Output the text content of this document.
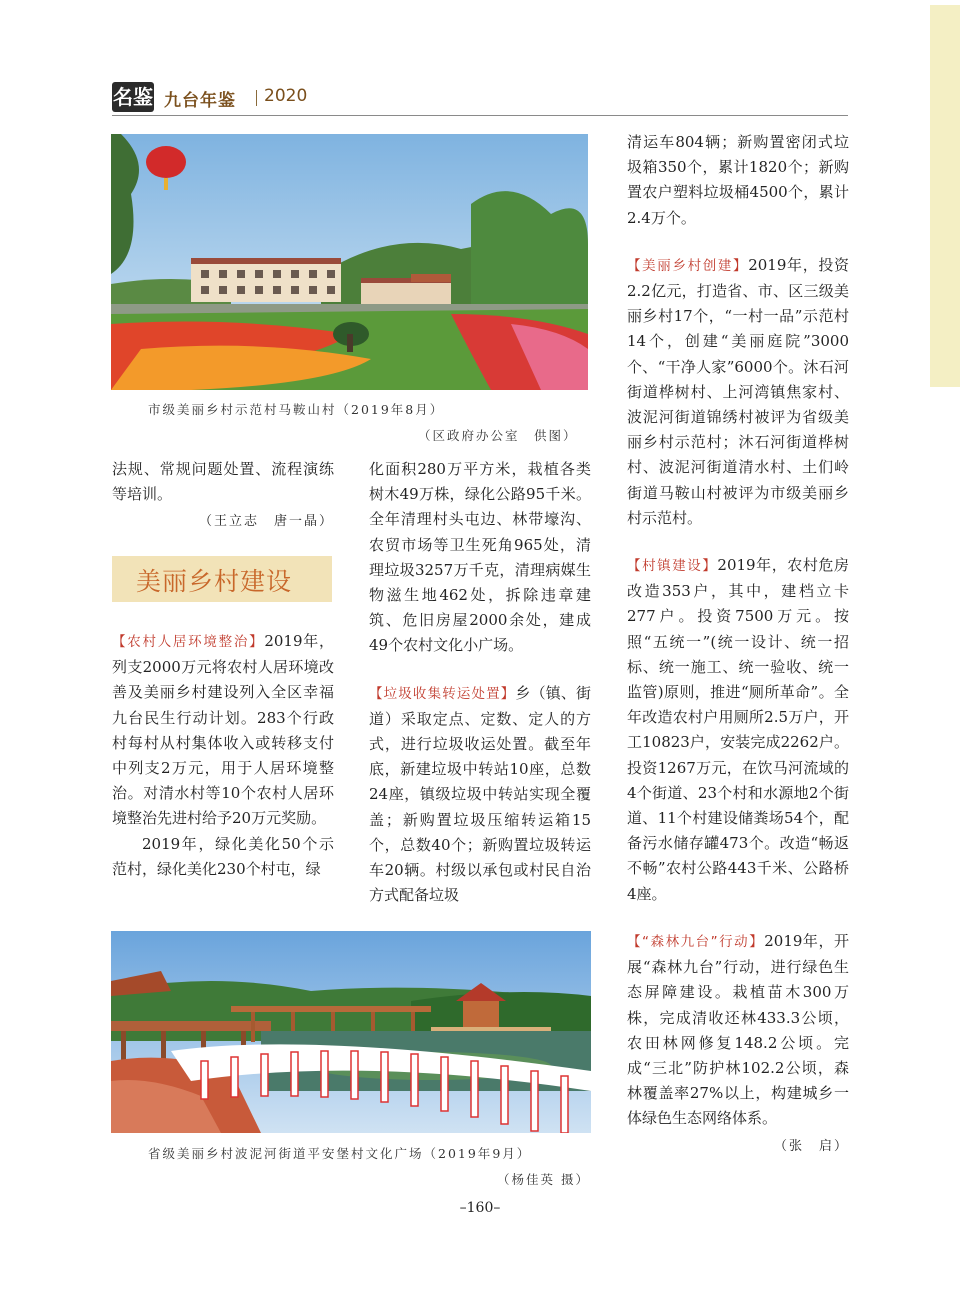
名鉴 九台年鉴 2020
市级美丽乡村示范村马鞍山村（2019年8月）
（区政府办公室　供图）

法规、常规问题处置、流程演练等培训。

（王立志　唐一晶）
美丽乡村建设

【农村人居环境整治】2019年，列支2000万元将农村人居环境改善及美丽乡村建设列入全区幸福九台民生行动计划。283个行政村每村从村集体收入或转移支付中列支2万元，用于人居环境整治。对清水村等10个农村人居环境整治先进村给予20万元奖励。

2019年，绿化美化50个示范村，绿化美化230个村屯，绿

化面积280万平方米，栽植各类树木49万株，绿化公路95千米。全年清理村头屯边、林带壕沟、农贸市场等卫生死角965处，清理垃圾3257万千克，清理病媒生物滋生地462处，拆除违章建筑、危旧房屋2000余处，建成49个农村文化小广场。

【垃圾收集转运处置】乡（镇、街道）采取定点、定数、定人的方式，进行垃圾收运处置。截至年底，新建垃圾中转站10座，总数24座，镇级垃圾中转站实现全覆盖；新购置垃圾压缩转运箱15个，总数40个；新购置垃圾转运车20辆。村级以承包或村民自治方式配备垃圾

清运车804辆；新购置密闭式垃圾箱350个，累计1820个；新购置农户塑料垃圾桶4500个，累计2.4万个。

【美丽乡村创建】2019年，投资2.2亿元，打造省、市、区三级美丽乡村17个，“一村一品”示范村14个，创建“美丽庭院”3000个、“干净人家”6000个。沐石河街道桦树村、上河湾镇焦家村、波泥河街道锦绣村被评为省级美丽乡村示范村；沐石河街道桦树村、波泥河街道清水村、土们岭街道马鞍山村被评为市级美丽乡村示范村。

【村镇建设】2019年，农村危房改造353户，其中，建档立卡277户。投资7500万元。按照“五统一”(统一设计、统一招标、统一施工、统一验收、统一监管)原则，推进“厕所革命”。全年改造农村户用厕所2.5万户，开工10823户，安装完成2262户。投资1267万元，在饮马河流域的4个街道、23个村和水源地2个街道、11个村建设储粪场54个，配备污水储存罐473个。改造“畅返不畅”农村公路443千米、公路桥4座。

【“森林九台”行动】2019年，开展“森林九台”行动，进行绿色生态屏障建设。栽植苗木300万株，完成清收还林433.3公顷，农田林网修复148.2公顷。完成“三北”防护林102.2公顷，森林覆盖率27%以上，构建城乡一体绿色生态网络体系。

（张　启）
省级美丽乡村波泥河街道平安堡村文化广场（2019年9月）
（杨佳英 摄）
–160–
